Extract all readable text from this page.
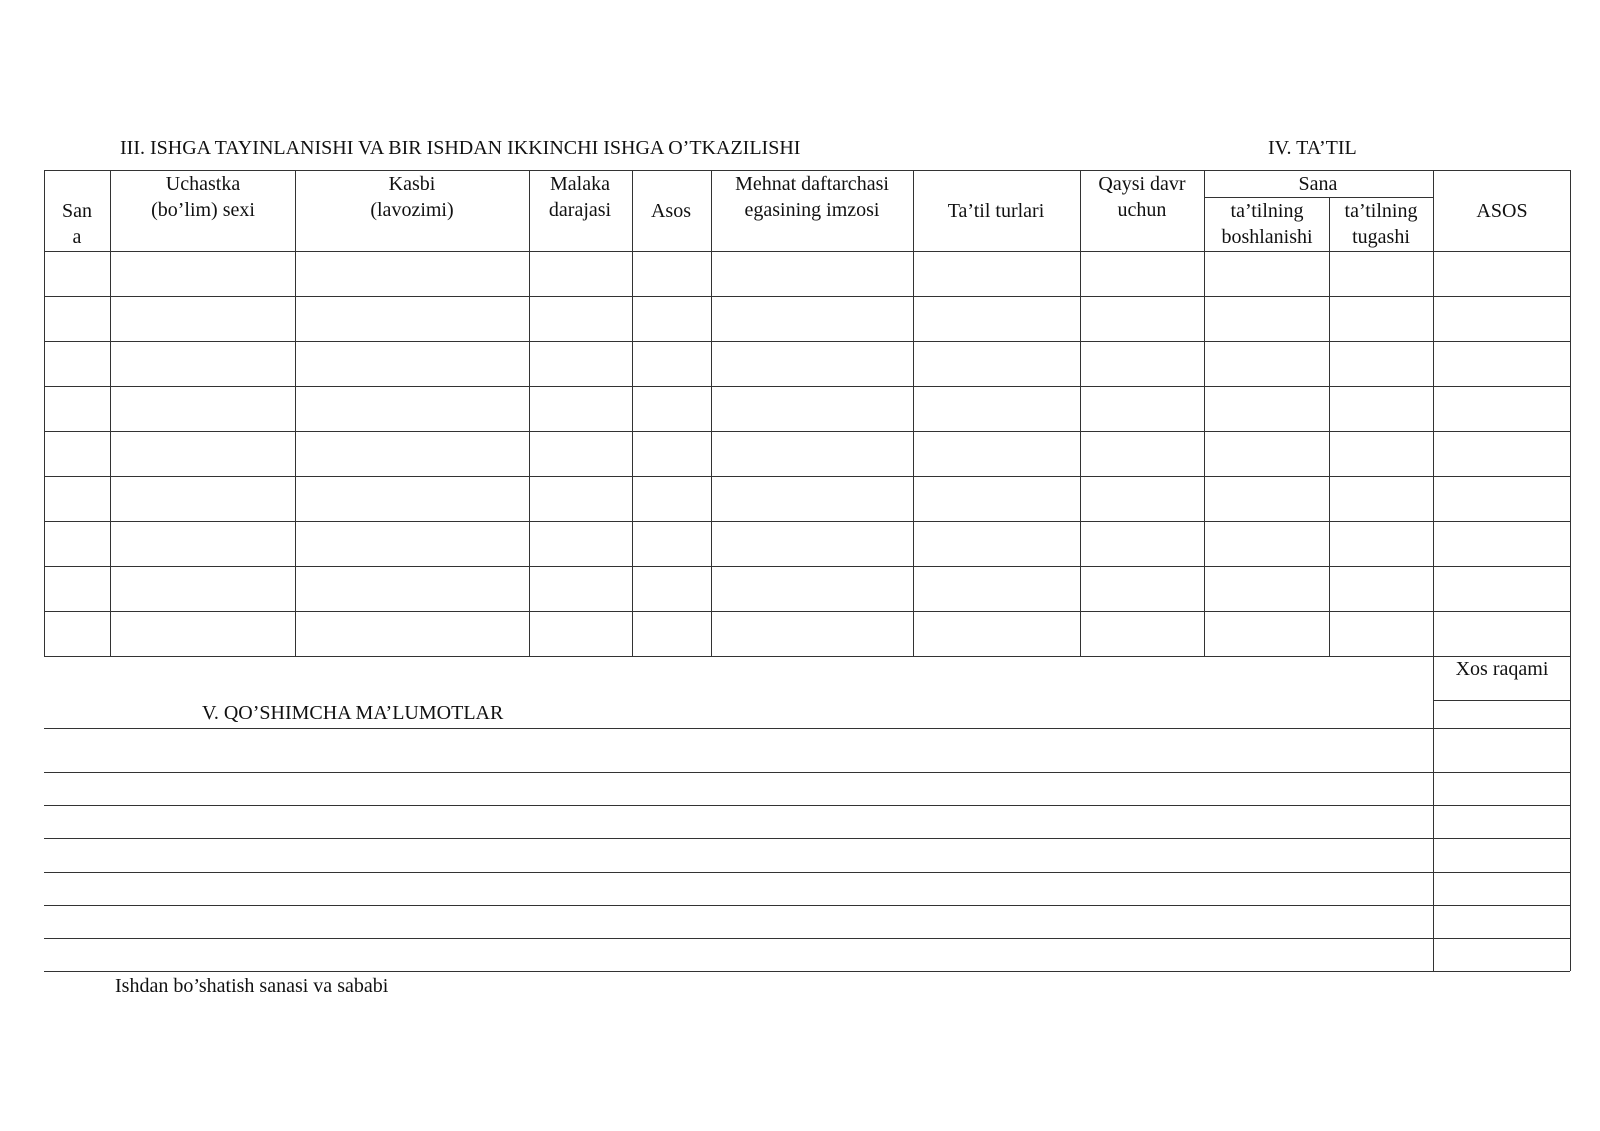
III. ISHGA TAYINLANISHI VA BIR ISHDAN IKKINCHI ISHGA O’TKAZILISHI	IV. TA’TIL
San
a
Uchastka
(bo’lim) sexi
Kasbi
(lavozimi)
Malaka
darajasi Asos
Mehnat daftarchasi
egasining imzosi	Ta’til turlari
Qaysi davr
uchun
Sana
ta’tilning
boshlanishi
ta’tilning
tugashi
ASOS
Xos raqami
V. QO’SHIMCHA MA’LUMOTLAR
Ishdan bo’shatish sanasi va sababi
